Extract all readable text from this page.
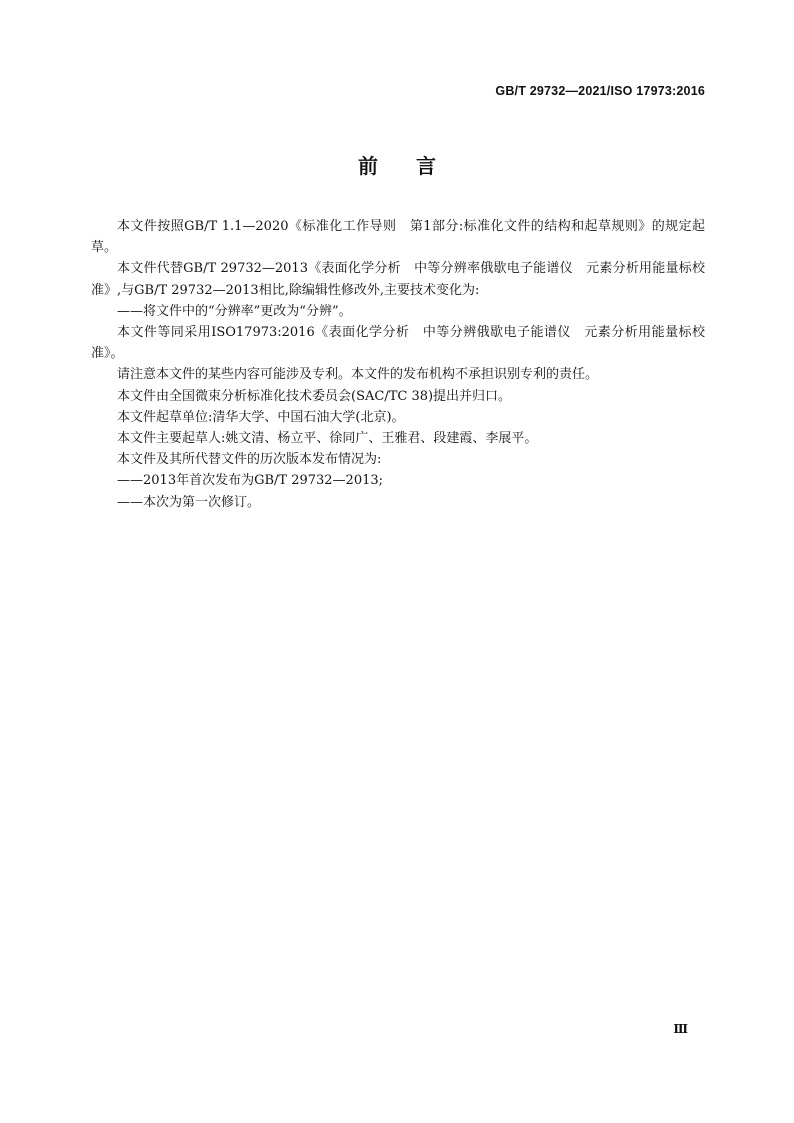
GB/T 29732—2021/ISO 17973:2016
前言

本文件按照GB/T 1.1—2020《标准化工作导则　第1部分:标准化文件的结构和起草规则》的规定起草。

本文件代替GB/T 29732—2013《表面化学分析　中等分辨率俄歇电子能谱仪　元素分析用能量标校准》,与GB/T 29732—2013相比,除编辑性修改外,主要技术变化为:

——将文件中的“分辨率”更改为“分辨”。

本文件等同采用ISO17973:2016《表面化学分析　中等分辨俄歇电子能谱仪　元素分析用能量标校准》。

请注意本文件的某些内容可能涉及专利。本文件的发布机构不承担识别专利的责任。

本文件由全国微束分析标准化技术委员会(SAC/TC 38)提出并归口。

本文件起草单位:清华大学、中国石油大学(北京)。

本文件主要起草人:姚文清、杨立平、徐同广、王雅君、段建霞、李展平。

本文件及其所代替文件的历次版本发布情况为:

——2013年首次发布为GB/T 29732—2013;

——本次为第一次修订。

Ⅲ
